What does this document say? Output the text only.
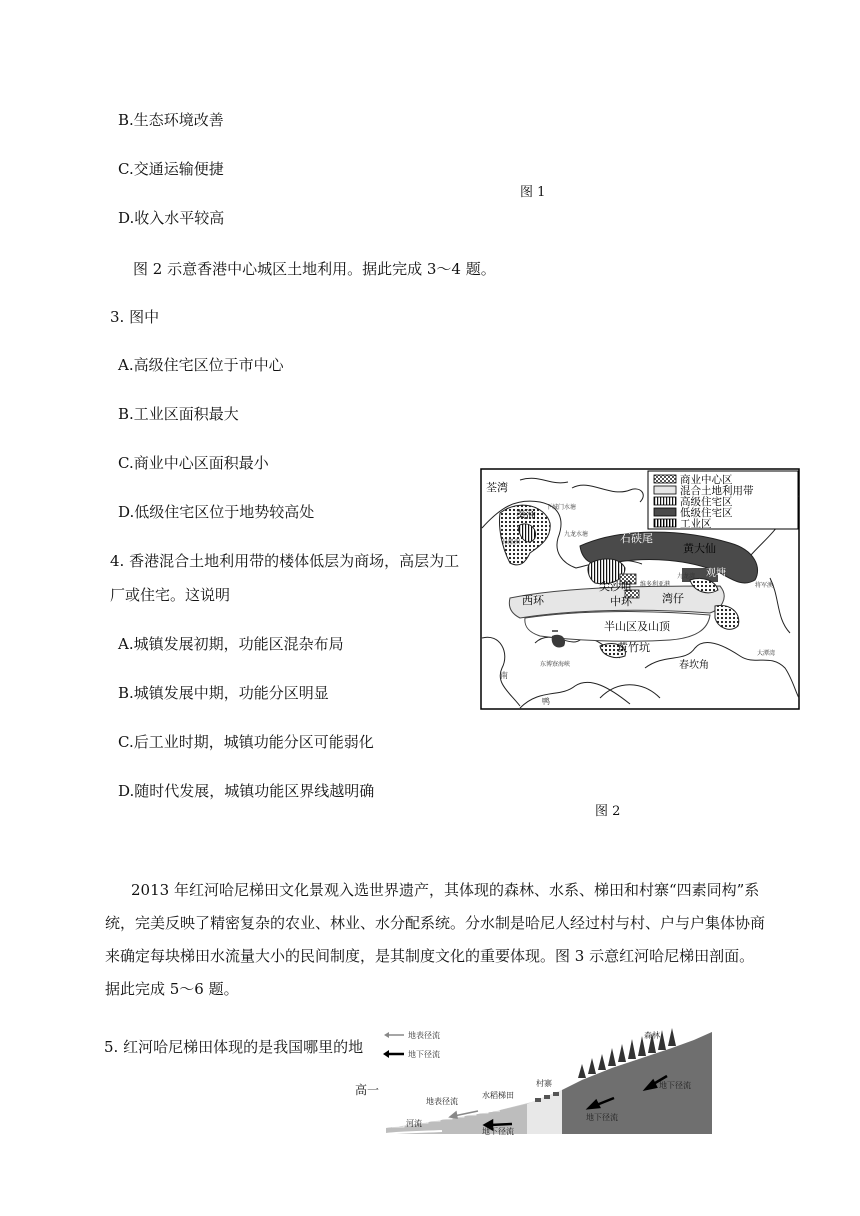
B.生态环境改善
C.交通运输便捷
D.收入水平较高
图 1
图 2 示意香港中心城区土地利用。据此完成 3～4 题。
3. 图中
A.高级住宅区位于市中心
B.工业区面积最大
C.商业中心区面积最小
D.低级住宅区位于地势较高处
4. 香港混合土地利用带的楼体低层为商场，高层为工
厂或住宅。这说明
A.城镇发展初期，功能区混杂布局
B.城镇发展中期，功能分区明显
C.后工业时期，城镇功能分区可能弱化
D.随时代发展，城镇功能区界线越明确
商业中心区
混合土地利用带
高级住宅区
低级住宅区
工业区
荃湾
葵涌
石硖尾
黄大仙
观塘
尖沙咀
西环	中环	湾仔
半山区及山顶
黄竹坑
春坎角
下城门水塘
九龙水塘
昂船洲
九龙湾
维多利亚港	将军澳
大潭湾
东博寮海峡
南
鸭
图 2
2013 年红河哈尼梯田文化景观入选世界遗产，其体现的森林、水系、梯田和村寨“四素同构”系统，完美反映了精密复杂的农业、林业、水分配系统。分水制是哈尼人经过村与村、户与户集体协商来确定每块梯田水流量大小的民间制度，是其制度文化的重要体现。图 3 示意红河哈尼梯田剖面。据此完成 5～6 题。
5. 红河哈尼梯田体现的是我国哪里的地
高一
地表径流
地下径流
森林
地下径流
地下径流
村寨
水稻梯田
地表径流
河流
地下径流
